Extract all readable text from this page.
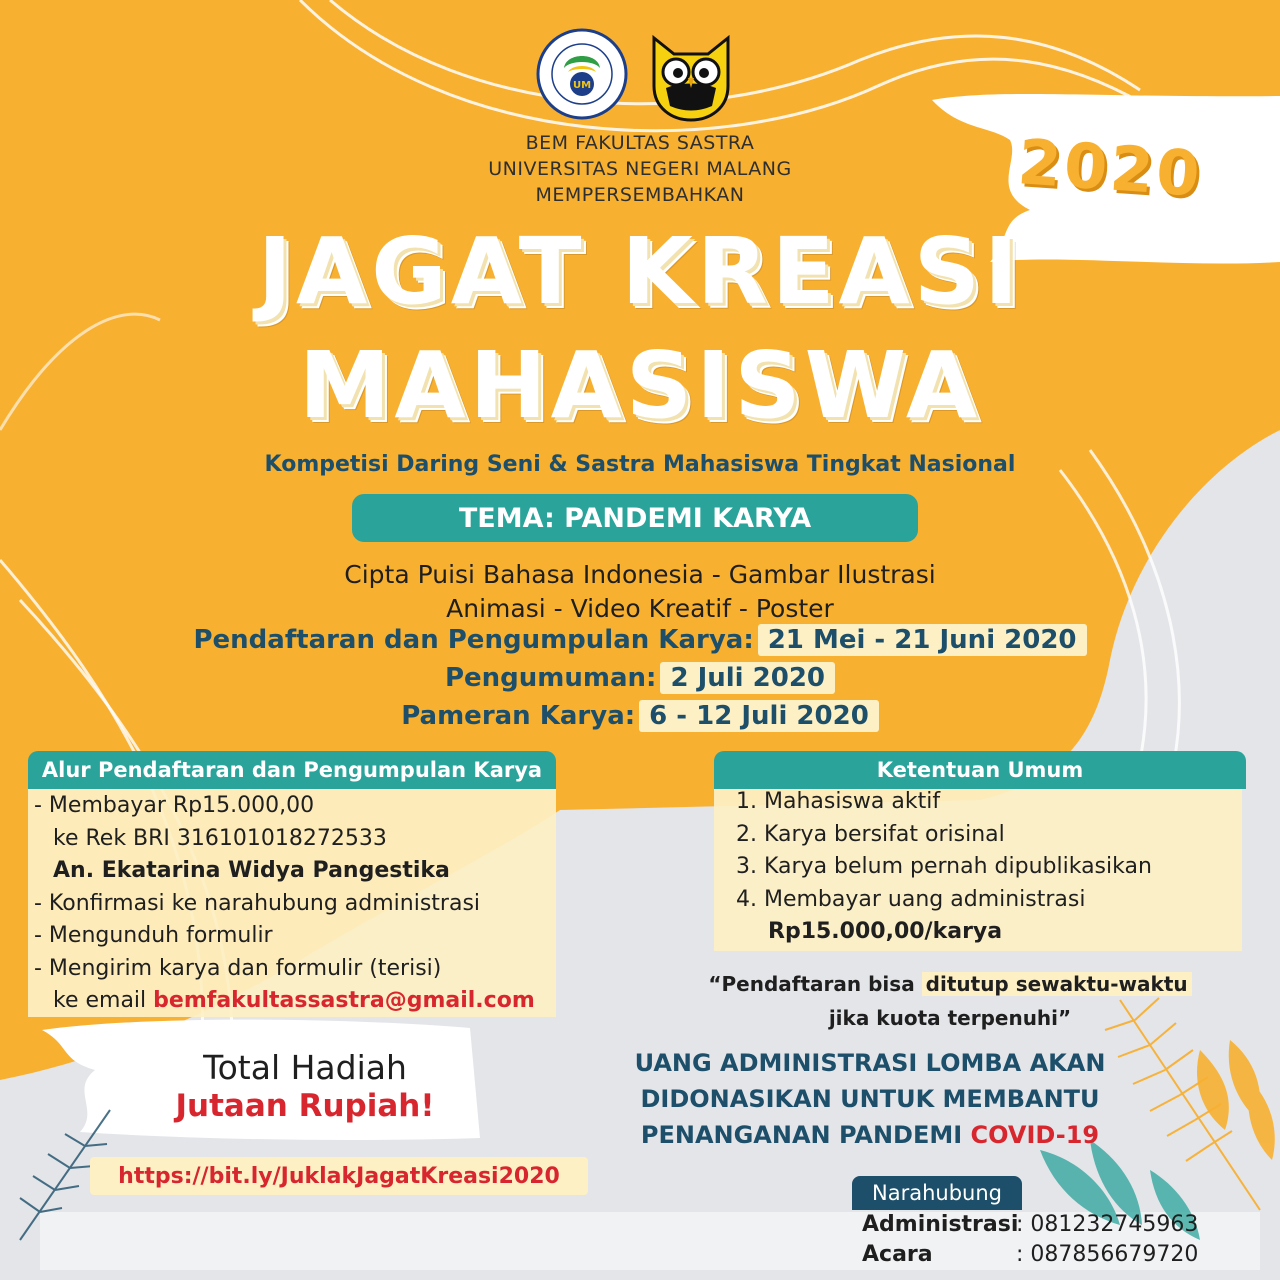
UM
BEM FAKULTAS SASTRA
UNIVERSITAS NEGERI MALANG
MEMPERSEMBAHKAN	2020
JAGAT KREASI
MAHASISWA
Kompetisi Daring Seni & Sastra Mahasiswa Tingkat Nasional
TEMA: PANDEMI KARYA
Cipta Puisi Bahasa Indonesia - Gambar Ilustrasi
Animasi - Video Kreatif - Poster
Pendaftaran dan Pengumpulan Karya: 21 Mei - 21 Juni 2020
Pengumuman: 2 Juli 2020
Pameran Karya: 6 - 12 Juli 2020
Alur Pendaftaran dan Pengumpulan Karya
- Membayar Rp15.000,00
ke Rek BRI 316101018272533
An. Ekatarina Widya Pangestika
- Konfirmasi ke narahubung administrasi
- Mengunduh formulir
- Mengirim karya dan formulir (terisi)
ke email bemfakultassastra@gmail.com
Ketentuan Umum
1. Mahasiswa aktif
2. Karya bersifat orisinal
3. Karya belum pernah dipublikasikan
4. Membayar uang administrasi
Rp15.000,00/karya
“Pendaftaran bisa ditutup sewaktu-waktu
jika kuota terpenuhi”
UANG ADMINISTRASI LOMBA AKAN
DIDONASIKAN UNTUK MEMBANTU
PENANGANAN PANDEMI COVID-19
Total Hadiah
Jutaan Rupiah!
https://bit.ly/JuklakJagatKreasi2020
Narahubung
Administrasi
: 081232745963
Acara	: 087856679720
